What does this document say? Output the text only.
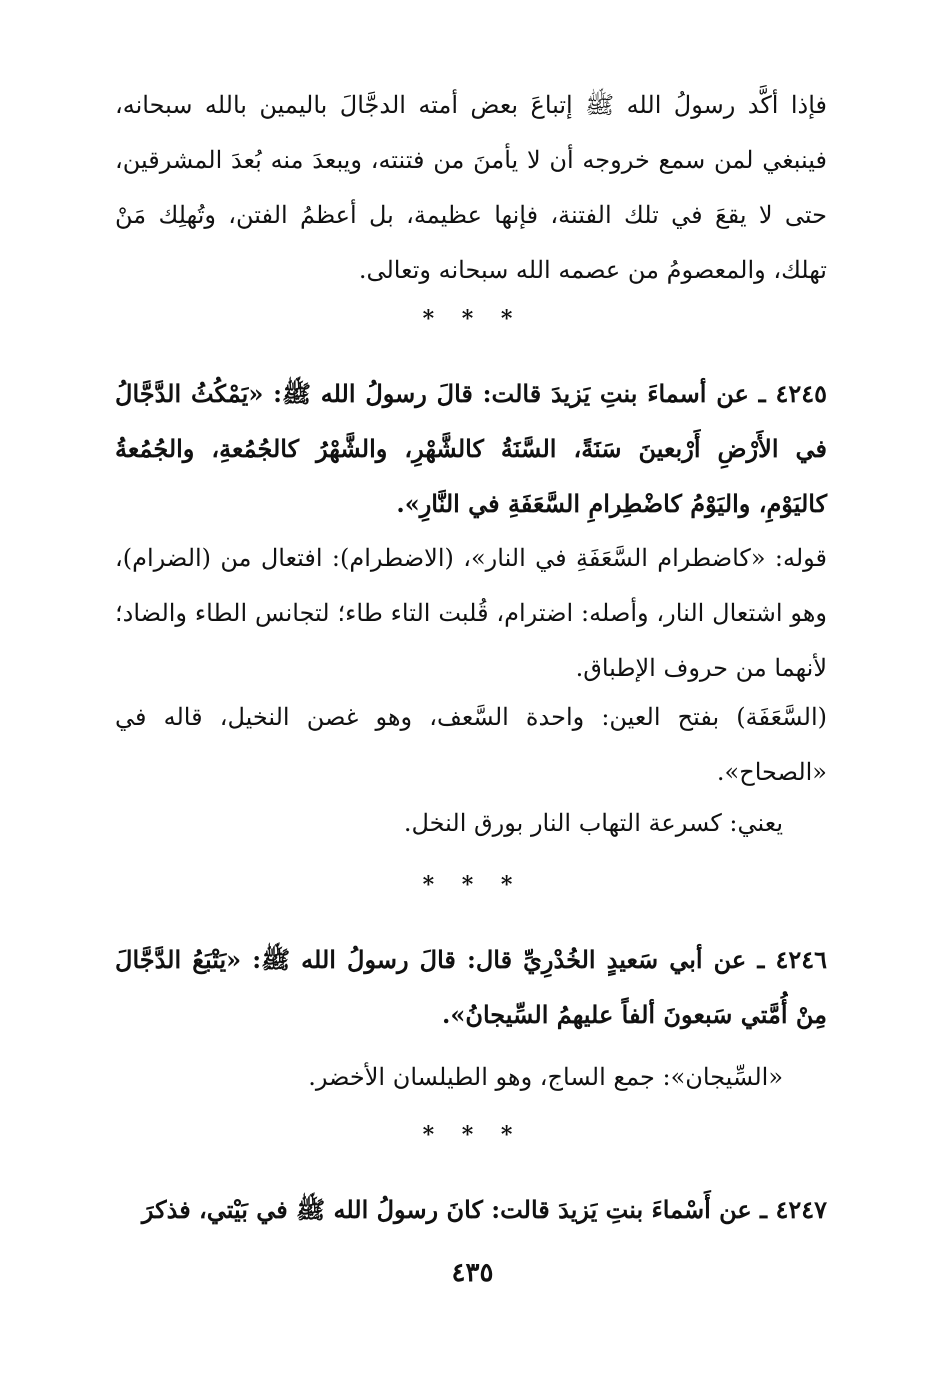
فإذا أكَّد رسولُ الله ﷺ إتباعَ بعض أمته الدجَّالَ باليمين بالله سبحانه، فينبغي لمن سمع خروجه أن لا يأمنَ من فتنته، ويبعدَ منه بُعدَ المشرقين، حتى لا يقعَ في تلك الفتنة، فإنها عظيمة، بل أعظمُ الفتن، وتُهلِك مَنْ تهلك، والمعصومُ من عصمه الله سبحانه وتعالى.
* * *
٤٢٤٥ ـ عن أسماءَ بنتِ يَزيدَ قالت: قالَ رسولُ الله ﷺ: «يَمْكُثُ الدَّجَّالُ في الأَرْضِ أَرْبعينَ سَنَةً، السَّنَةُ كالشَّهْرِ، والشَّهْرُ كالجُمُعةِ، والجُمُعةُ كاليَوْمِ، واليَوْمُ كاضْطِرامِ السَّعَفَةِ في النَّارِ».
قوله: «كاضطرام السَّعَفَةِ في النار»، (الاضطرام): افتعال من (الضرام)، وهو اشتعال النار، وأصله: اضترام، قُلبت التاء طاء؛ لتجانس الطاء والضاد؛ لأنهما من حروف الإطباق.
(السَّعَفَة) بفتح العين: واحدة السَّعف، وهو غصن النخيل، قاله في «الصحاح».
يعني: كسرعة التهاب النار بورق النخل.
* * *
٤٢٤٦ ـ عن أبي سَعيدٍ الخُدْرِيِّ قال: قالَ رسولُ الله ﷺ: «يَتْبَعُ الدَّجَّالَ مِنْ أُمَّتي سَبعونَ ألفاً عليهمُ السِّيجانُ».
«السِّيجان»: جمع الساج، وهو الطيلسان الأخضر.
* * *
٤٢٤٧ ـ عن أَسْماءَ بنتِ يَزيدَ قالت: كانَ رسولُ الله ﷺ في بَيْتي، فذكرَ
٤٣٥
